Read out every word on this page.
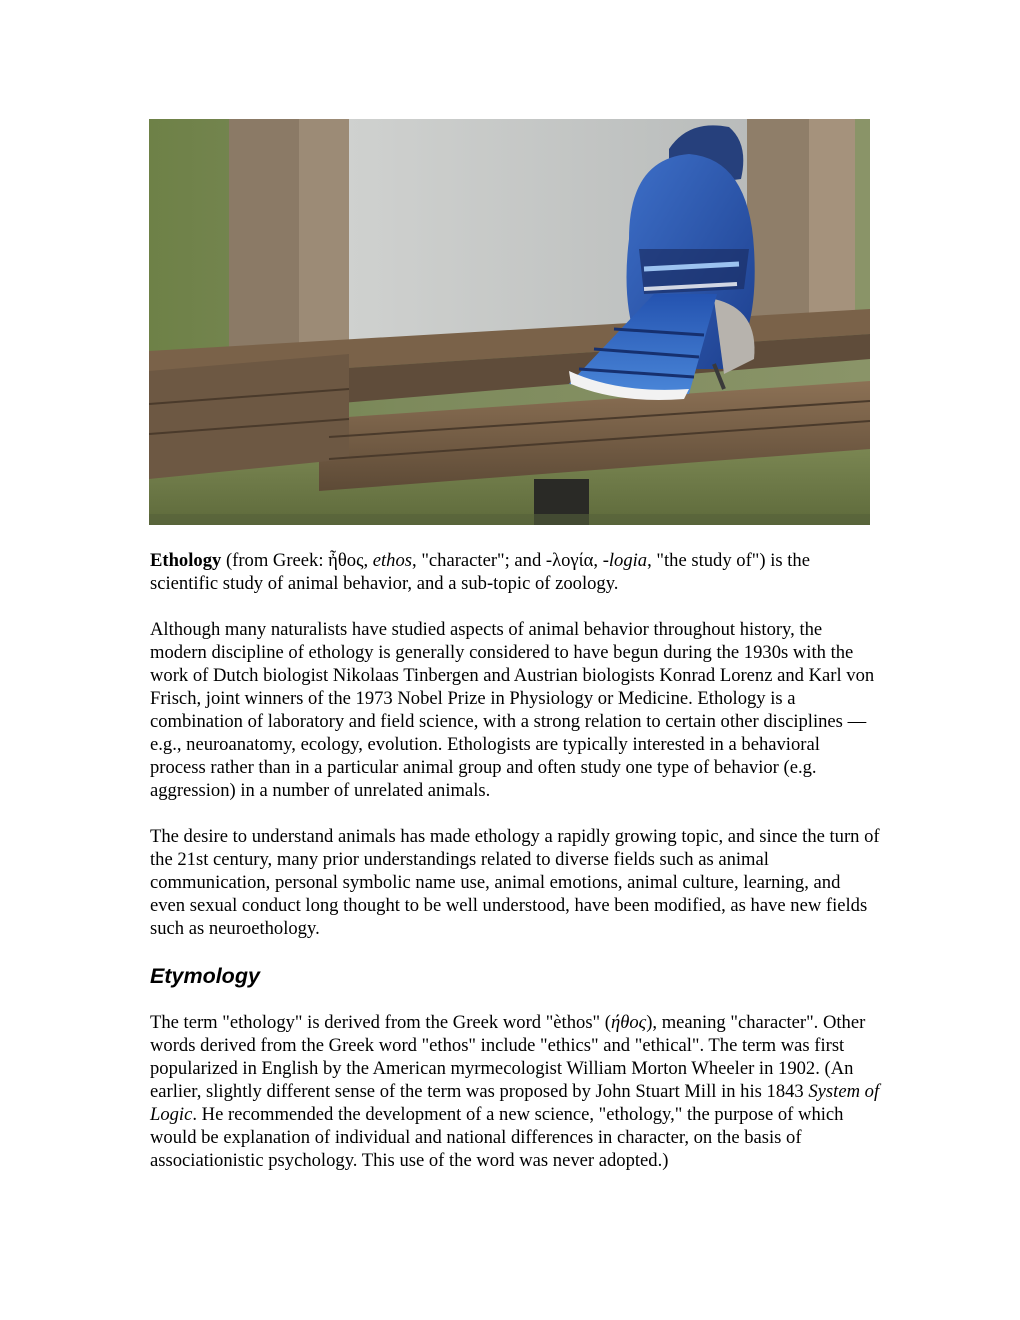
Ethology (from Greek: ἦθος, ethos, "character"; and -λογία, -logia, "the study of") is the scientific study of animal behavior, and a sub-topic of zoology.

Although many naturalists have studied aspects of animal behavior throughout history, the modern discipline of ethology is generally considered to have begun during the 1930s with the work of Dutch biologist Nikolaas Tinbergen and Austrian biologists Konrad Lorenz and Karl von Frisch, joint winners of the 1973 Nobel Prize in Physiology or Medicine. Ethology is a combination of laboratory and field science, with a strong relation to certain other disciplines — e.g., neuroanatomy, ecology, evolution. Ethologists are typically interested in a behavioral process rather than in a particular animal group and often study one type of behavior (e.g. aggression) in a number of unrelated animals.

The desire to understand animals has made ethology a rapidly growing topic, and since the turn of the 21st century, many prior understandings related to diverse fields such as animal communication, personal symbolic name use, animal emotions, animal culture, learning, and even sexual conduct long thought to be well understood, have been modified, as have new fields such as neuroethology.

Etymology

The term "ethology" is derived from the Greek word "èthos" (ήθος), meaning "character". Other words derived from the Greek word "ethos" include "ethics" and "ethical". The term was first popularized in English by the American myrmecologist William Morton Wheeler in 1902. (An earlier, slightly different sense of the term was proposed by John Stuart Mill in his 1843 System of Logic. He recommended the development of a new science, "ethology," the purpose of which would be explanation of individual and national differences in character, on the basis of associationistic psychology. This use of the word was never adopted.)
